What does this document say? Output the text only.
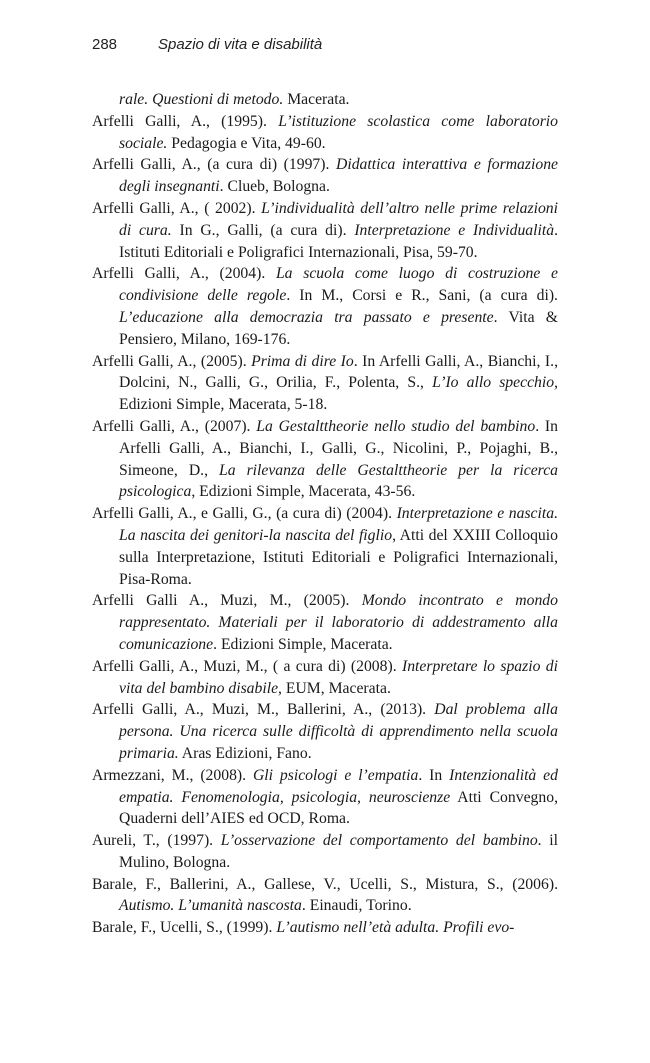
288	Spazio di vita e disabilità

rale. Questioni di metodo. Macerata.

Arfelli Galli, A., (1995). L’istituzione scolastica come laboratorio sociale. Pedagogia e Vita, 49-60.

Arfelli Galli, A., (a cura di) (1997). Didattica interattiva e formazione degli insegnanti. Clueb, Bologna.

Arfelli Galli, A., ( 2002). L’individualità dell’altro nelle prime relazioni di cura. In G., Galli, (a cura di). Interpretazione e Individualità. Istituti Editoriali e Poligrafici Internazionali, Pisa, 59-70.

Arfelli Galli, A., (2004). La scuola come luogo di costruzione e condivisione delle regole. In M., Corsi e R., Sani, (a cura di). L’educazione alla democrazia tra passato e presente. Vita & Pensiero, Milano, 169-176.

Arfelli Galli, A., (2005). Prima di dire Io. In Arfelli Galli, A., Bianchi, I., Dolcini, N., Galli, G., Orilia, F., Polenta, S., L’Io allo specchio, Edizioni Simple, Macerata, 5-18.

Arfelli Galli, A., (2007). La Gestalttheorie nello studio del bambino. In Arfelli Galli, A., Bianchi, I., Galli, G., Nicolini, P., Pojaghi, B., Simeone, D., La rilevanza delle Gestalttheorie per la ricerca psicologica, Edizioni Simple, Macerata, 43-56.

Arfelli Galli, A., e Galli, G., (a cura di) (2004). Interpretazione e nascita. La nascita dei genitori-la nascita del figlio, Atti del XXIII Colloquio sulla Interpretazione, Istituti Editoriali e Poligrafici Internazionali, Pisa-Roma.

Arfelli Galli A., Muzi, M., (2005). Mondo incontrato e mondo rappresentato. Materiali per il laboratorio di addestramento alla comunicazione. Edizioni Simple, Macerata.

Arfelli Galli, A., Muzi, M., ( a cura di) (2008). Interpretare lo spazio di vita del bambino disabile, EUM, Macerata.

Arfelli Galli, A., Muzi, M., Ballerini, A., (2013). Dal problema alla persona. Una ricerca sulle difficoltà di apprendimento nella scuola primaria. Aras Edizioni, Fano.

Armezzani, M., (2008). Gli psicologi e l’empatia. In Intenzionalità ed empatia. Fenomenologia, psicologia, neuroscienze Atti Convegno, Quaderni dell’AIES ed OCD, Roma.

Aureli, T., (1997). L’osservazione del comportamento del bambino. il Mulino, Bologna.

Barale, F., Ballerini, A., Gallese, V., Ucelli, S., Mistura, S., (2006). Autismo. L’umanità nascosta. Einaudi, Torino.

Barale, F., Ucelli, S., (1999). L’autismo nell’età adulta. Profili evo-
